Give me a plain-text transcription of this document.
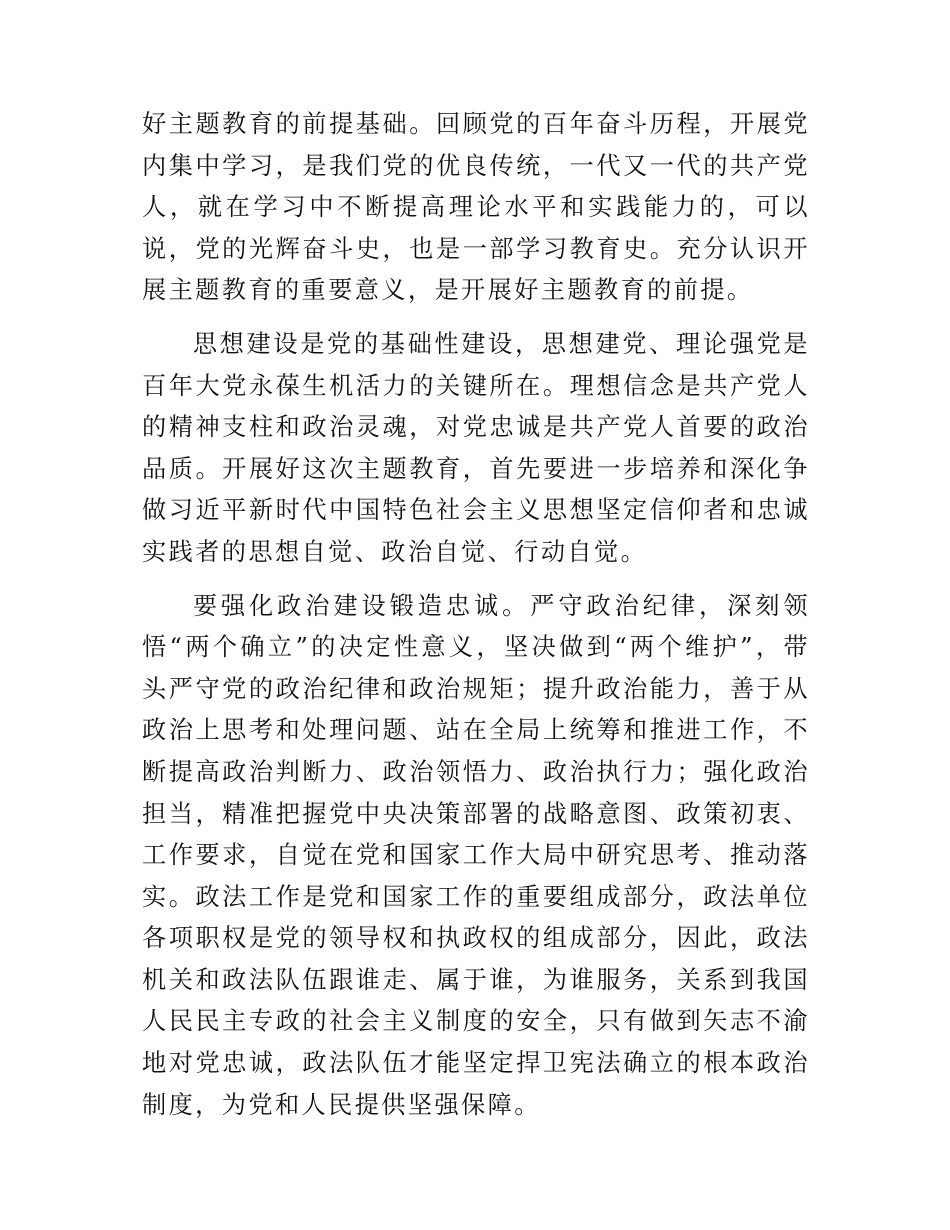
好主题教育的前提基础。回顾党的百年奋斗历程，开展党内集中学习，是我们党的优良传统，一代又一代的共产党人，就在学习中不断提高理论水平和实践能力的，可以说，党的光辉奋斗史，也是一部学习教育史。充分认识开展主题教育的重要意义，是开展好主题教育的前提。

思想建设是党的基础性建设，思想建党、理论强党是百年大党永葆生机活力的关键所在。理想信念是共产党人的精神支柱和政治灵魂，对党忠诚是共产党人首要的政治品质。开展好这次主题教育，首先要进一步培养和深化争做习近平新时代中国特色社会主义思想坚定信仰者和忠诚实践者的思想自觉、政治自觉、行动自觉。

要强化政治建设锻造忠诚。严守政治纪律，深刻领悟“两个确立”的决定性意义，坚决做到“两个维护”，带头严守党的政治纪律和政治规矩；提升政治能力，善于从政治上思考和处理问题、站在全局上统筹和推进工作，不断提高政治判断力、政治领悟力、政治执行力；强化政治担当，精准把握党中央决策部署的战略意图、政策初衷、工作要求，自觉在党和国家工作大局中研究思考、推动落实。政法工作是党和国家工作的重要组成部分，政法单位各项职权是党的领导权和执政权的组成部分，因此，政法机关和政法队伍跟谁走、属于谁，为谁服务，关系到我国人民民主专政的社会主义制度的安全，只有做到矢志不渝地对党忠诚，政法队伍才能坚定捍卫宪法确立的根本政治制度，为党和人民提供坚强保障。
